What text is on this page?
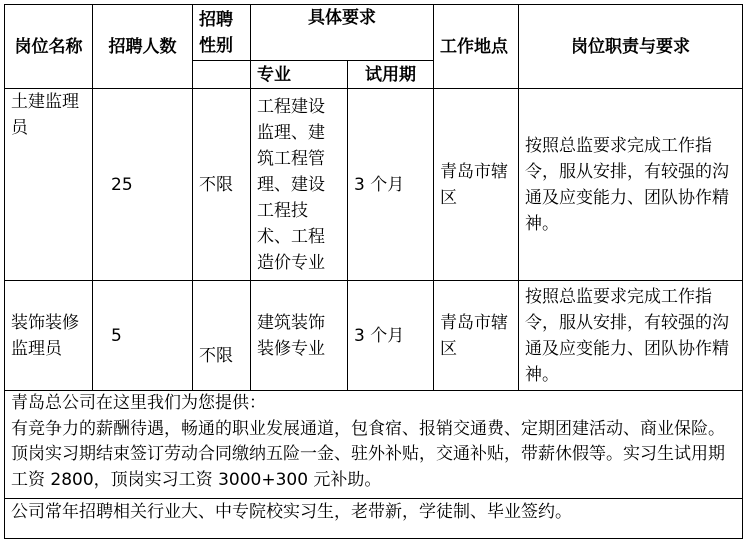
岗位名称	招聘人数	招聘性别	具体要求		工作地点	岗位职责与要求
			专业	试用期		
土建监理员	25	不限	工程建设监理、建筑工程管理、建设工程技术、工程造价专业	3 个月	青岛市辖区	按照总监要求完成工作指令，服从安排，有较强的沟通及应变能力、团队协作精神。
装饰装修监理员	5	不限	建筑装饰装修专业	3 个月	青岛市辖区	按照总监要求完成工作指令，服从安排，有较强的沟通及应变能力、团队协作精神。

青岛总公司在这里我们为您提供：
有竞争力的薪酬待遇，畅通的职业发展通道，包食宿、报销交通费、定期团建活动、商业保险。顶岗实习期结束签订劳动合同缴纳五险一金、驻外补贴，交通补贴，带薪休假等。实习生试用期工资 2800，顶岗实习工资 3000+300 元补助。						

公司常年招聘相关行业大、中专院校实习生，老带新，学徒制、毕业签约。						
